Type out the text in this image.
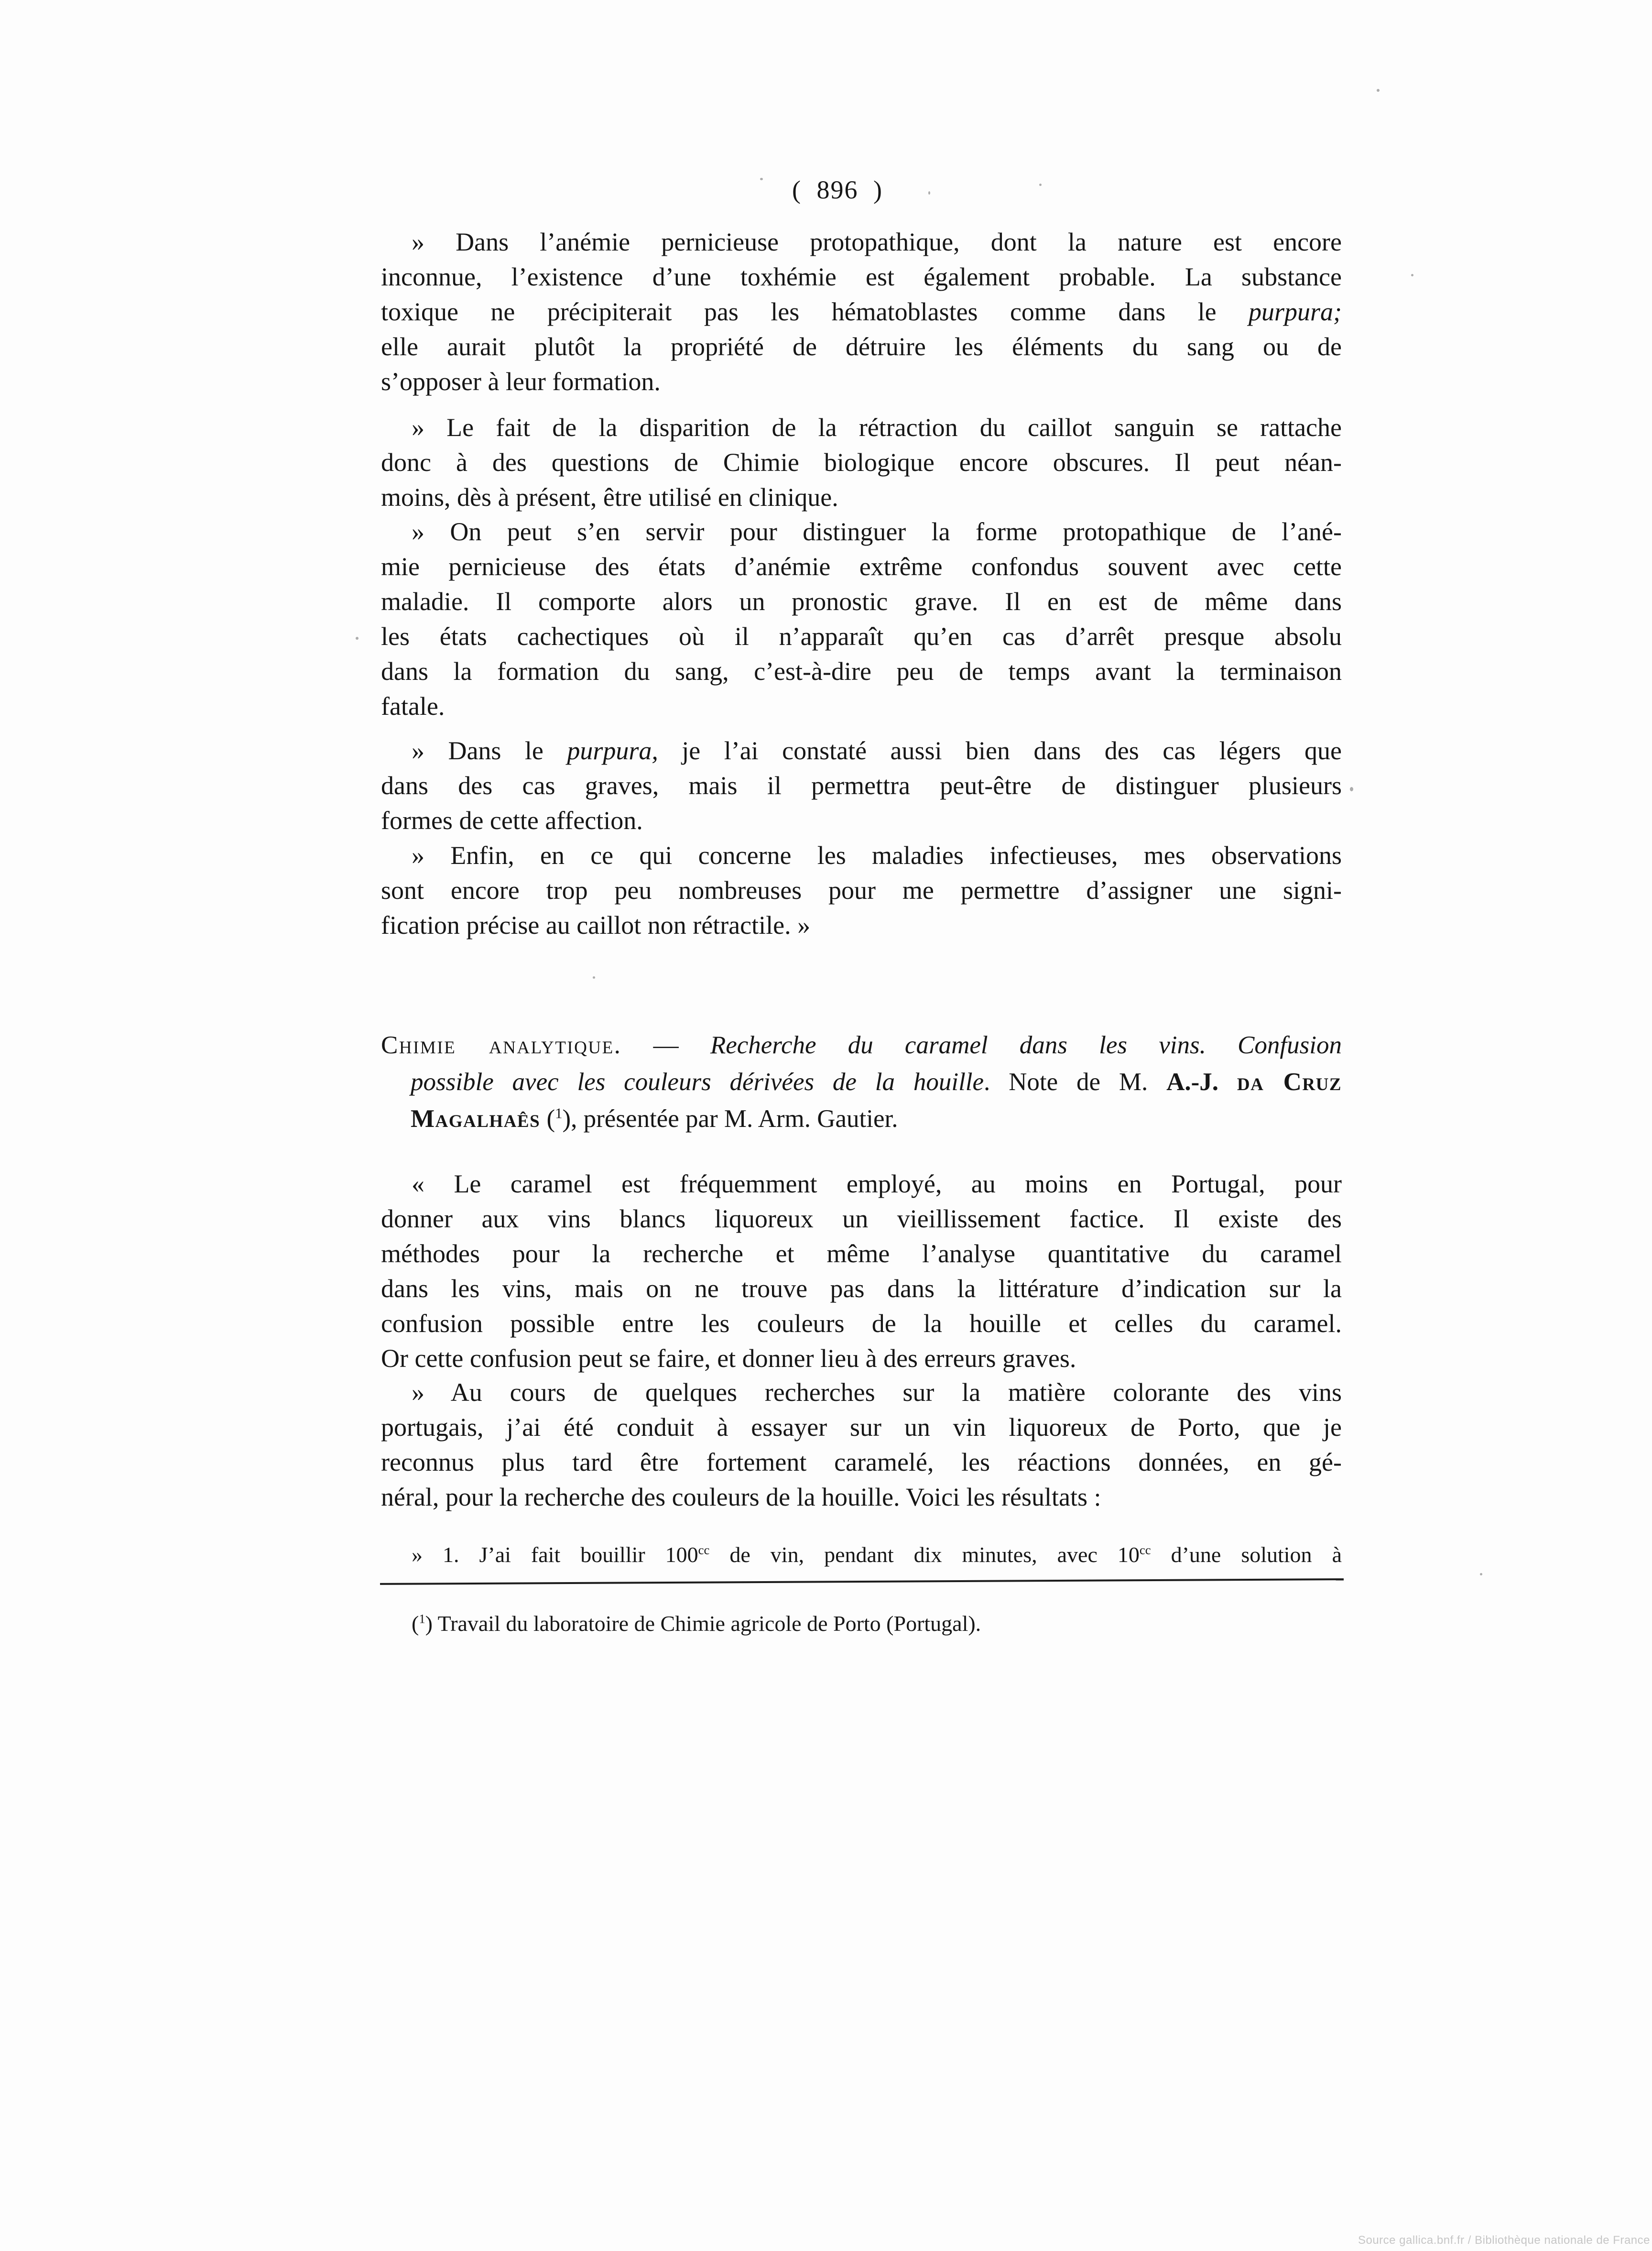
( 896 )
» Dans l’anémie pernicieuse protopathique, dont la nature est encore
inconnue, l’existence d’une toxhémie est également probable. La substance
toxique ne précipiterait pas les hématoblastes comme dans le purpura;
elle aurait plutôt la propriété de détruire les éléments du sang ou de
s’opposer à leur formation.
» Le fait de la disparition de la rétraction du caillot sanguin se rattache
donc à des questions de Chimie biologique encore obscures. Il peut néan-
moins, dès à présent, être utilisé en clinique.
» On peut s’en servir pour distinguer la forme protopathique de l’ané-
mie pernicieuse des états d’anémie extrême confondus souvent avec cette
maladie. Il comporte alors un pronostic grave. Il en est de même dans
les états cachectiques où il n’apparaît qu’en cas d’arrêt presque absolu
dans la formation du sang, c’est-à-dire peu de temps avant la terminaison
fatale.
» Dans le purpura, je l’ai constaté aussi bien dans des cas légers que
dans des cas graves, mais il permettra peut-être de distinguer plusieurs
formes de cette affection.
» Enfin, en ce qui concerne les maladies infectieuses, mes observations
sont encore trop peu nombreuses pour me permettre d’assigner une signi-
fication précise au caillot non rétractile. »
Chimie analytique. — Recherche du caramel dans les vins. Confusion
possible avec les couleurs dérivées de la houille. Note de M. A.-J. da Cruz
Magalhaês ($^1$), présentée par M. Arm. Gautier.
« Le caramel est fréquemment employé, au moins en Portugal, pour
donner aux vins blancs liquoreux un vieillissement factice. Il existe des
méthodes pour la recherche et même l’analyse quantitative du caramel
dans les vins, mais on ne trouve pas dans la littérature d’indication sur la
confusion possible entre les couleurs de la houille et celles du caramel.
Or cette confusion peut se faire, et donner lieu à des erreurs graves.
» Au cours de quelques recherches sur la matière colorante des vins
portugais, j’ai été conduit à essayer sur un vin liquoreux de Porto, que je
reconnus plus tard être fortement caramelé, les réactions données, en gé-
néral, pour la recherche des couleurs de la houille. Voici les résultats :
» 1. J’ai fait bouillir $100^{cc}$ de vin, pendant dix minutes, avec $10^{cc}$ d’une solution à
($^1$) Travail du laboratoire de Chimie agricole de Porto (Portugal).
Source gallica.bnf.fr / Bibliothèque nationale de France
